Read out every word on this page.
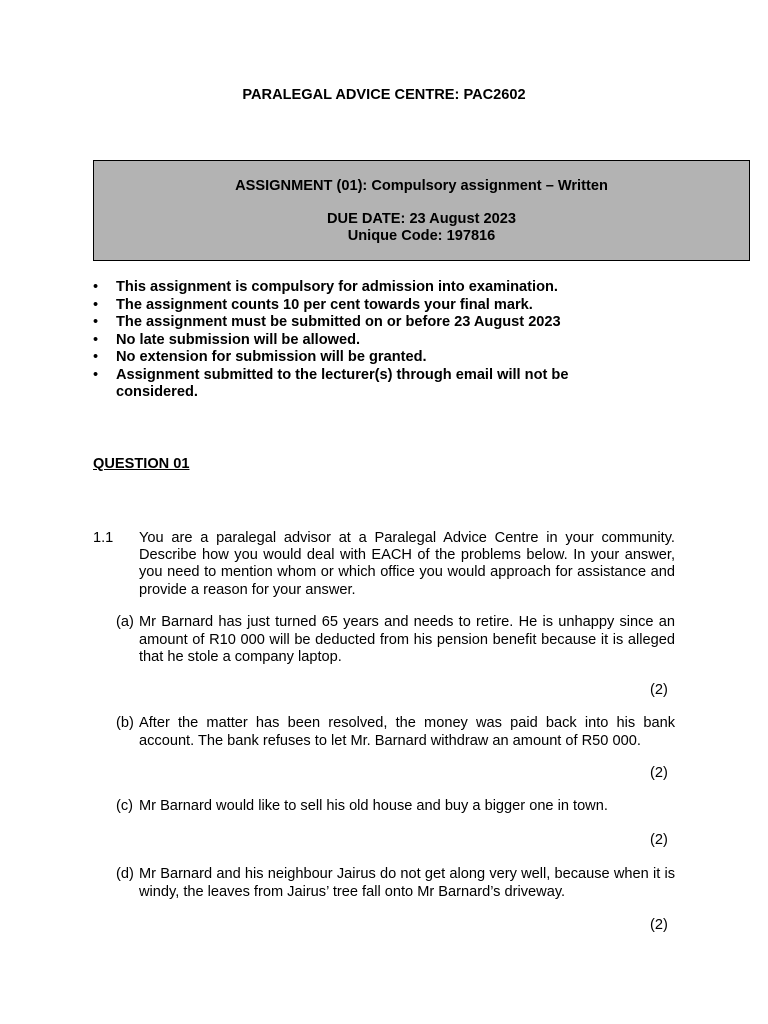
PARALEGAL ADVICE CENTRE: PAC2602
ASSIGNMENT (01): Compulsory assignment – Written
DUE DATE: 23 August 2023
Unique Code: 197816
• This assignment is compulsory for admission into examination.
• The assignment counts 10 per cent towards your final mark.
• The assignment must be submitted on or before 23 August 2023
• No late submission will be allowed.
• No extension for submission will be granted.
• Assignment submitted to the lecturer(s) through email will not be considered.
QUESTION 01
1.1 You are a paralegal advisor at a Paralegal Advice Centre in your community. Describe how you would deal with EACH of the problems below. In your answer, you need to mention whom or which office you would approach for assistance and provide a reason for your answer.
(a) Mr Barnard has just turned 65 years and needs to retire. He is unhappy since an amount of R10 000 will be deducted from his pension benefit because it is alleged that he stole a company laptop.
(2)
(b) After the matter has been resolved, the money was paid back into his bank account. The bank refuses to let Mr. Barnard withdraw an amount of R50 000.
(2)
(c) Mr Barnard would like to sell his old house and buy a bigger one in town.
(2)
(d) Mr Barnard and his neighbour Jairus do not get along very well, because when it is windy, the leaves from Jairus’ tree fall onto Mr Barnard’s driveway.
(2)
